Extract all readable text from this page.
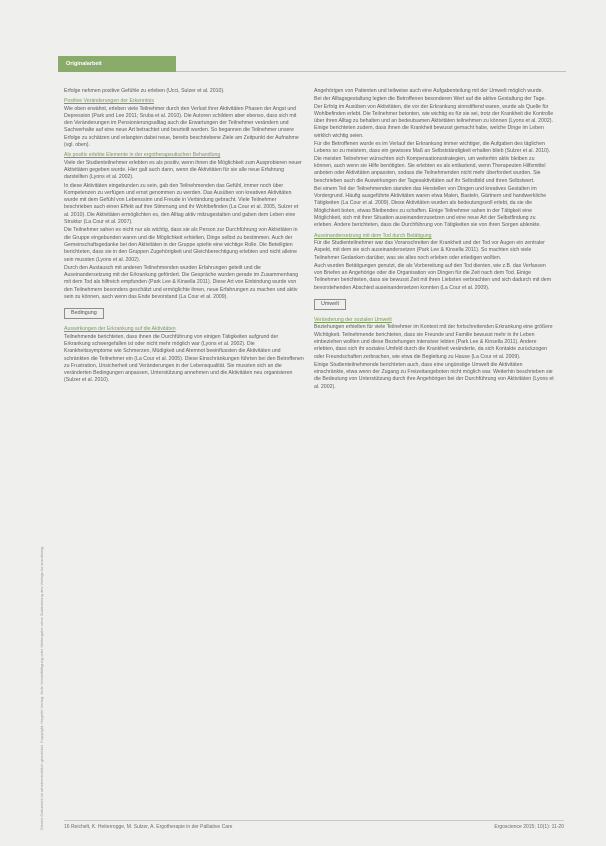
Originalarbeit
Dieses Dokument ist urheberrechtlich geschützt. Copyright: Hogrefe Verlag. Jede Vervielfältigung oder Weitergabe ohne Zustimmung des Verlags ist unzulässig.

Erfolge nehmen positive Gefühle zu erleben (Ucci, Sulzer et al. 2010).

Positive Veränderungen der Erkenntnis

Wie oben erwähnt, erleben viele Teilnehmer durch den Verlust ihrer Aktivitäten Phasen der Angst und Depression (Park und Lee 2011; Sruba et al. 2010). Die Autoren schildern aber ebenso, dass sich mit den Veränderungen im Pensionierungsalltag auch die Erwartungen der Teilnehmer verändern und Sachverhalte auf eine neue Art betrachtet und beurteilt wurden. So begannen die Teilnehmer unsere Erfolge zu schätzen und erlangten dabei neue, bereits beschriebene Ziele am Zeitpunkt der Aufnahme (vgl. oben).

Als positiv erlebte Elemente in der ergotherapeutischen Behandlung

Viele der Studienteilnehmer erlebten es als positiv, wenn ihnen die Möglichkeit zum Ausprobieren neuer Aktivitäten gegeben wurde. Hier galt auch dann, wenn die Aktivitäten für sie alle neue Erfahrung darstellten (Lyons et al. 2002).

In diese Aktivitäten eingebunden zu sein, gab den Teilnehmenden das Gefühl, immer noch über Kompetenzen zu verfügen und ernst genommen zu werden. Das Ausüben von kreativen Aktivitäten wurde mit dem Gefühl von Lebenssinn und Freude in Verbindung gebracht. Viele Teilnehmer beschrieben auch einen Effekt auf ihre Stimmung und ihr Wohlbefinden (La Cour et al. 2005, Sulzer et al. 2010). Die Aktivitäten ermöglichten es, den Alltag aktiv mitzugestalten und gaben dem Leben eine Struktur (La Cour et al. 2007).

Die Teilnehmer sahen es nicht nur als wichtig, dass sie als Person zur Durchführung von Aktivitäten in die Gruppe eingebunden waren und die Möglichkeit erhielten, Dinge selbst zu bestimmen. Auch der Gemeinschaftsgedanke bei den Aktivitäten in der Gruppe spielte eine wichtige Rolle. Die Beteiligten berichteten, dass sie in den Gruppen Zugehörigkeit und Gleichberechtigung erlebten und nicht alleine sein mussten (Lyons et al. 2002).

Durch den Austausch mit anderen Teilnehmenden wurden Erfahrungen geteilt und die Auseinandersetzung mit der Erkrankung gefördert. Die Gespräche wurden gerade im Zusammenhang mit dem Tod als hilfreich empfunden (Park Lee & Kinsella 2011). Diese Art von Einbindung wurde von den Teilnehmern besonders geschätzt und ermöglichte ihnen, neue Erfahrungen zu machen und aktiv sein zu können, auch wenn das Ende bevorstand (La Cour et al. 2009).

Bedingung

Auswirkungen der Erkrankung auf die Aktivitäten

Teilnehmende berichteten, dass ihnen die Durchführung von einigen Tätigkeiten aufgrund der Erkrankung schwergefallen ist oder nicht mehr möglich war (Lyons et al. 2002). Die Krankheitssymptome wie Schmerzen, Müdigkeit und Atemnot beeinflussten die Aktivitäten und schränkten die Teilnehmer ein (La Cour et al. 2005). Diese Einschränkungen führten bei den Betroffenen zu Frustration, Unsicherheit und Veränderungen in der Lebensqualität. Sie mussten sich an die veränderten Bedingungen anpassen, Unterstützung annehmen und die Aktivitäten neu organisieren (Sulzer et al. 2010).

Angehörigen von Patienten und teilweise auch eine Aufgabenteilung mit der Umwelt möglich wurde.

Bei der Alltagsgestaltung legten die Betroffenen besonderen Wert auf die aktive Gestaltung der Tage. Der Erfolg im Ausüben von Aktivitäten, die vor der Erkrankung sinnstiftend waren, wurde als Quelle für Wohlbefinden erlebt. Die Teilnehmer betonten, wie wichtig es für sie sei, trotz der Krankheit die Kontrolle über ihren Alltag zu behalten und an bedeutsamen Aktivitäten teilnehmen zu können (Lyons et al. 2002). Einige berichteten zudem, dass ihnen die Krankheit bewusst gemacht habe, welche Dinge im Leben wirklich wichtig seien.

Für die Betroffenen wurde es im Verlauf der Erkrankung immer wichtiger, die Aufgaben des täglichen Lebens so zu meistern, dass ein gewisses Maß an Selbstständigkeit erhalten blieb (Sulzer et al. 2010). Die meisten Teilnehmer wünschten sich Kompensationsstrategien, um weiterhin aktiv bleiben zu können, auch wenn sie Hilfe benötigten. Sie erlebten es als entlastend, wenn Therapeuten Hilfsmittel anboten oder Aktivitäten anpassten, sodass die Teilnehmenden nicht mehr überfordert wurden. Sie beschrieben auch die Auswirkungen der Tagesaktivitäten auf ihr Selbstbild und ihren Selbstwert.

Bei einem Teil der Teilnehmenden standen das Herstellen von Dingen und kreatives Gestalten im Vordergrund. Häufig ausgeführte Aktivitäten waren etwa Malen, Basteln, Gärtnern und handwerkliche Tätigkeiten (La Cour et al. 2009). Diese Aktivitäten wurden als bedeutungsvoll erlebt, da sie die Möglichkeit boten, etwas Bleibendes zu schaffen. Einige Teilnehmer sahen in der Tätigkeit eine Möglichkeit, sich mit ihrer Situation auseinanderzusetzen und eine neue Art der Selbstfindung zu erleben. Andere berichteten, dass die Durchführung von Tätigkeiten sie von ihren Sorgen ablenkte.

Auseinandersetzung mit dem Tod durch Betätigung

Für die Studienteilnehmer war das Voranschreiten der Krankheit und der Tod vor Augen ein zentraler Aspekt, mit dem sie sich auseinandersetzen (Park Lee & Kinsella 2011). So machten sich viele Teilnehmer Gedanken darüber, was sie alles noch erleben oder erledigen wollten.

Auch wurden Betätigungen genutzt, die als Vorbereitung auf den Tod dienten, wie z.B. das Verfassen von Briefen an Angehörige oder die Organisation von Dingen für die Zeit nach dem Tod. Einige Teilnehmer berichteten, dass sie bewusst Zeit mit ihren Liebsten verbrachten und sich dadurch mit dem bevorstehenden Abschied auseinandersetzen konnten (La Cour et al. 2009).

Umwelt

Veränderung der sozialen Umwelt

Beziehungen erhielten für viele Teilnehmer im Kontext mit der fortschreitenden Erkrankung eine größere Wichtigkeit. Teilnehmende berichteten, dass sie Freunde und Familie bewusst mehr in ihr Leben einbeziehen wollten und diese Beziehungen intensiver lebten (Park Lee & Kinsella 2011). Andere erlebten, dass sich ihr soziales Umfeld durch die Krankheit veränderte, da sich Kontakte zurückzogen oder Freundschaften zerbrachen, wie etwa die Begleitung zu Hause (La Cour et al. 2009).

Einige Studienteilnehmende berichteten auch, dass eine ungünstige Umwelt die Aktivitäten einschränkte, etwa wenn der Zugang zu Freizeitangeboten nicht möglich war. Weiterhin beschrieben sie die Bedeutung von Unterstützung durch ihre Angehörigen bei der Durchführung von Aktivitäten (Lyons et al. 2002).

16 Reichelt, K. Heiterrogge, M. Sulzer, A. Ergotherapie in der Palliative Care	Ergoscience 2015; 10(1): 11-20
